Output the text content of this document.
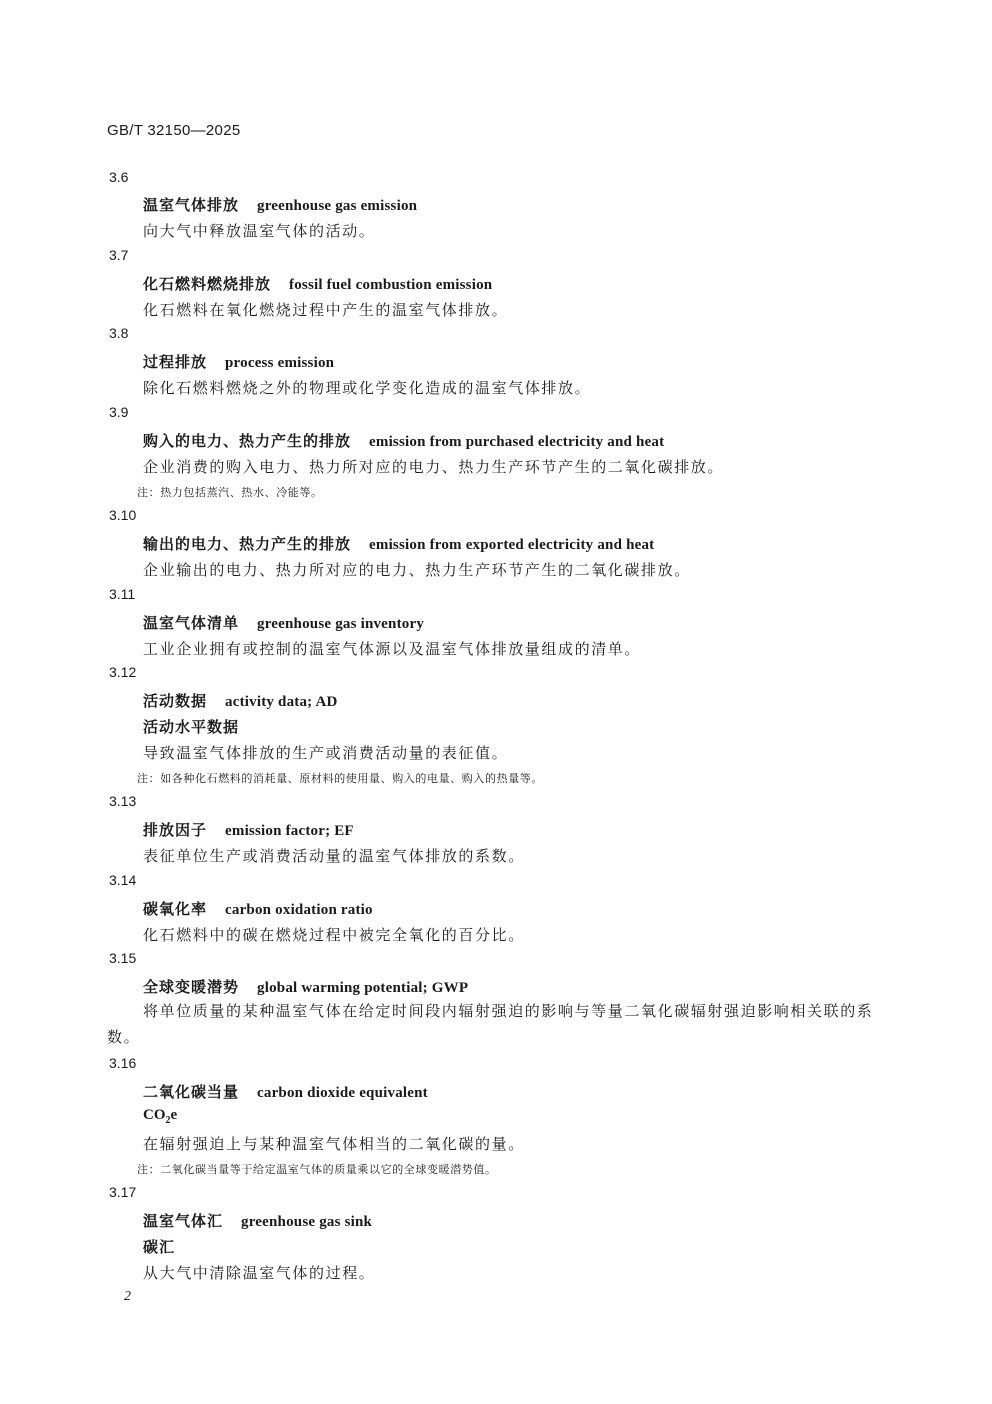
GB/T 32150—2025
3.6
温室气体排放 greenhouse gas emission
向大气中释放温室气体的活动。
3.7
化石燃料燃烧排放 fossil fuel combustion emission
化石燃料在氧化燃烧过程中产生的温室气体排放。
3.8
过程排放 process emission
除化石燃料燃烧之外的物理或化学变化造成的温室气体排放。
3.9
购入的电力、热力产生的排放 emission from purchased electricity and heat
企业消费的购入电力、热力所对应的电力、热力生产环节产生的二氧化碳排放。
注：热力包括蒸汽、热水、冷能等。
3.10
输出的电力、热力产生的排放 emission from exported electricity and heat
企业输出的电力、热力所对应的电力、热力生产环节产生的二氧化碳排放。
3.11
温室气体清单 greenhouse gas inventory
工业企业拥有或控制的温室气体源以及温室气体排放量组成的清单。
3.12
活动数据 activity data; AD
活动水平数据
导致温室气体排放的生产或消费活动量的表征值。
注：如各种化石燃料的消耗量、原材料的使用量、购入的电量、购入的热量等。
3.13
排放因子 emission factor; EF
表征单位生产或消费活动量的温室气体排放的系数。
3.14
碳氧化率 carbon oxidation ratio
化石燃料中的碳在燃烧过程中被完全氧化的百分比。
3.15
全球变暖潜势 global warming potential; GWP
将单位质量的某种温室气体在给定时间段内辐射强迫的影响与等量二氧化碳辐射强迫影响相关联的系数。
3.16
二氧化碳当量 carbon dioxide equivalent
$CO_2e$
在辐射强迫上与某种温室气体相当的二氧化碳的量。
注：二氧化碳当量等于给定温室气体的质量乘以它的全球变暖潜势值。
3.17
温室气体汇 greenhouse gas sink
碳汇
从大气中清除温室气体的过程。
2
